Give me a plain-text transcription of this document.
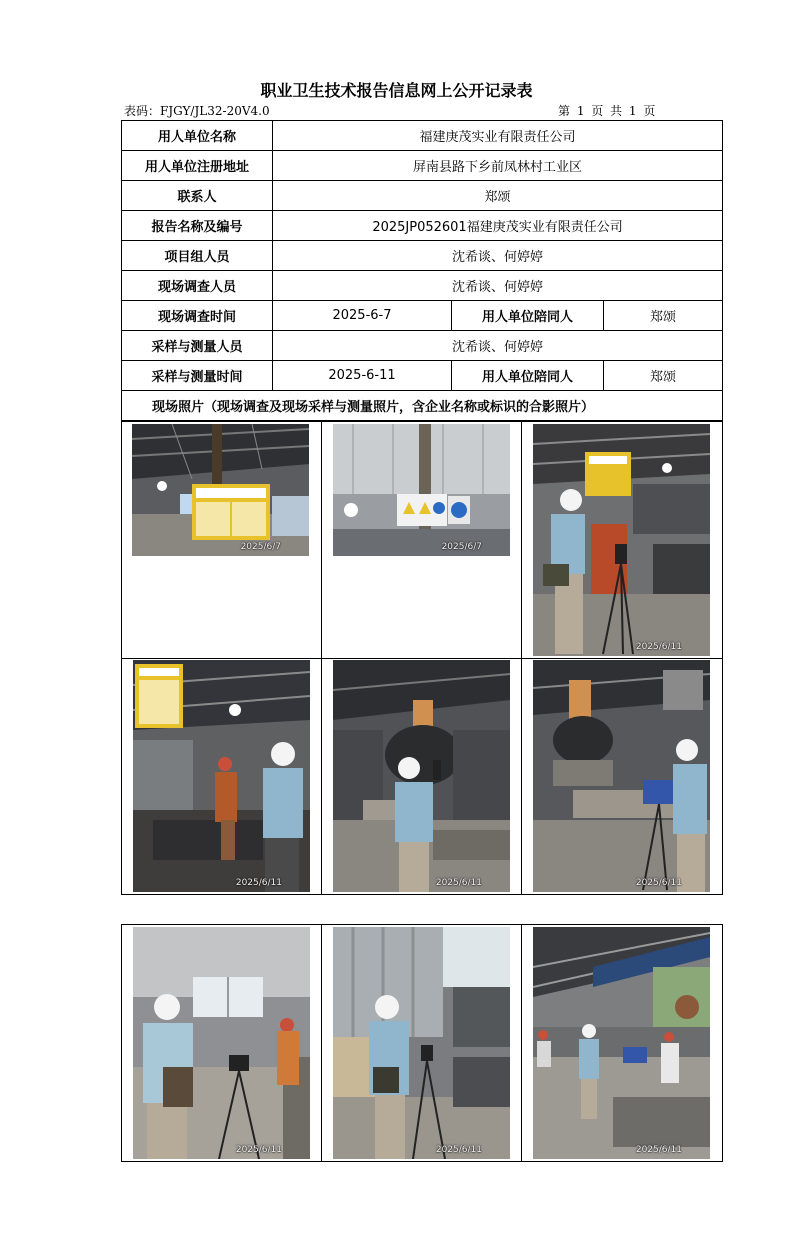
职业卫生技术报告信息网上公开记录表
表码：FJGY/JL32-20V4.0	第 1 页 共 1 页
用人单位名称	福建庚茂实业有限责任公司		
用人单位注册地址	屏南县路下乡前凤林村工业区		
联系人	郑颂		
报告名称及编号	2025JP052601福建庚茂实业有限责任公司		
项目组人员	沈希谈、何婷婷		
现场调查人员	沈希谈、何婷婷		
现场调查时间	2025-6-7	用人单位陪同人	郑颂
采样与测量人员	沈希谈、何婷婷		
采样与测量时间	2025-6-11	用人单位陪同人	郑颂
现场照片（现场调查及现场采样与测量照片，含企业名称或标识的合影照片）			
2025/6/7	2025/6/7
2025/6/11
2025/6/11	2025/6/11	2025/6/11
2025/6/11	2025/6/11	2025/6/11
